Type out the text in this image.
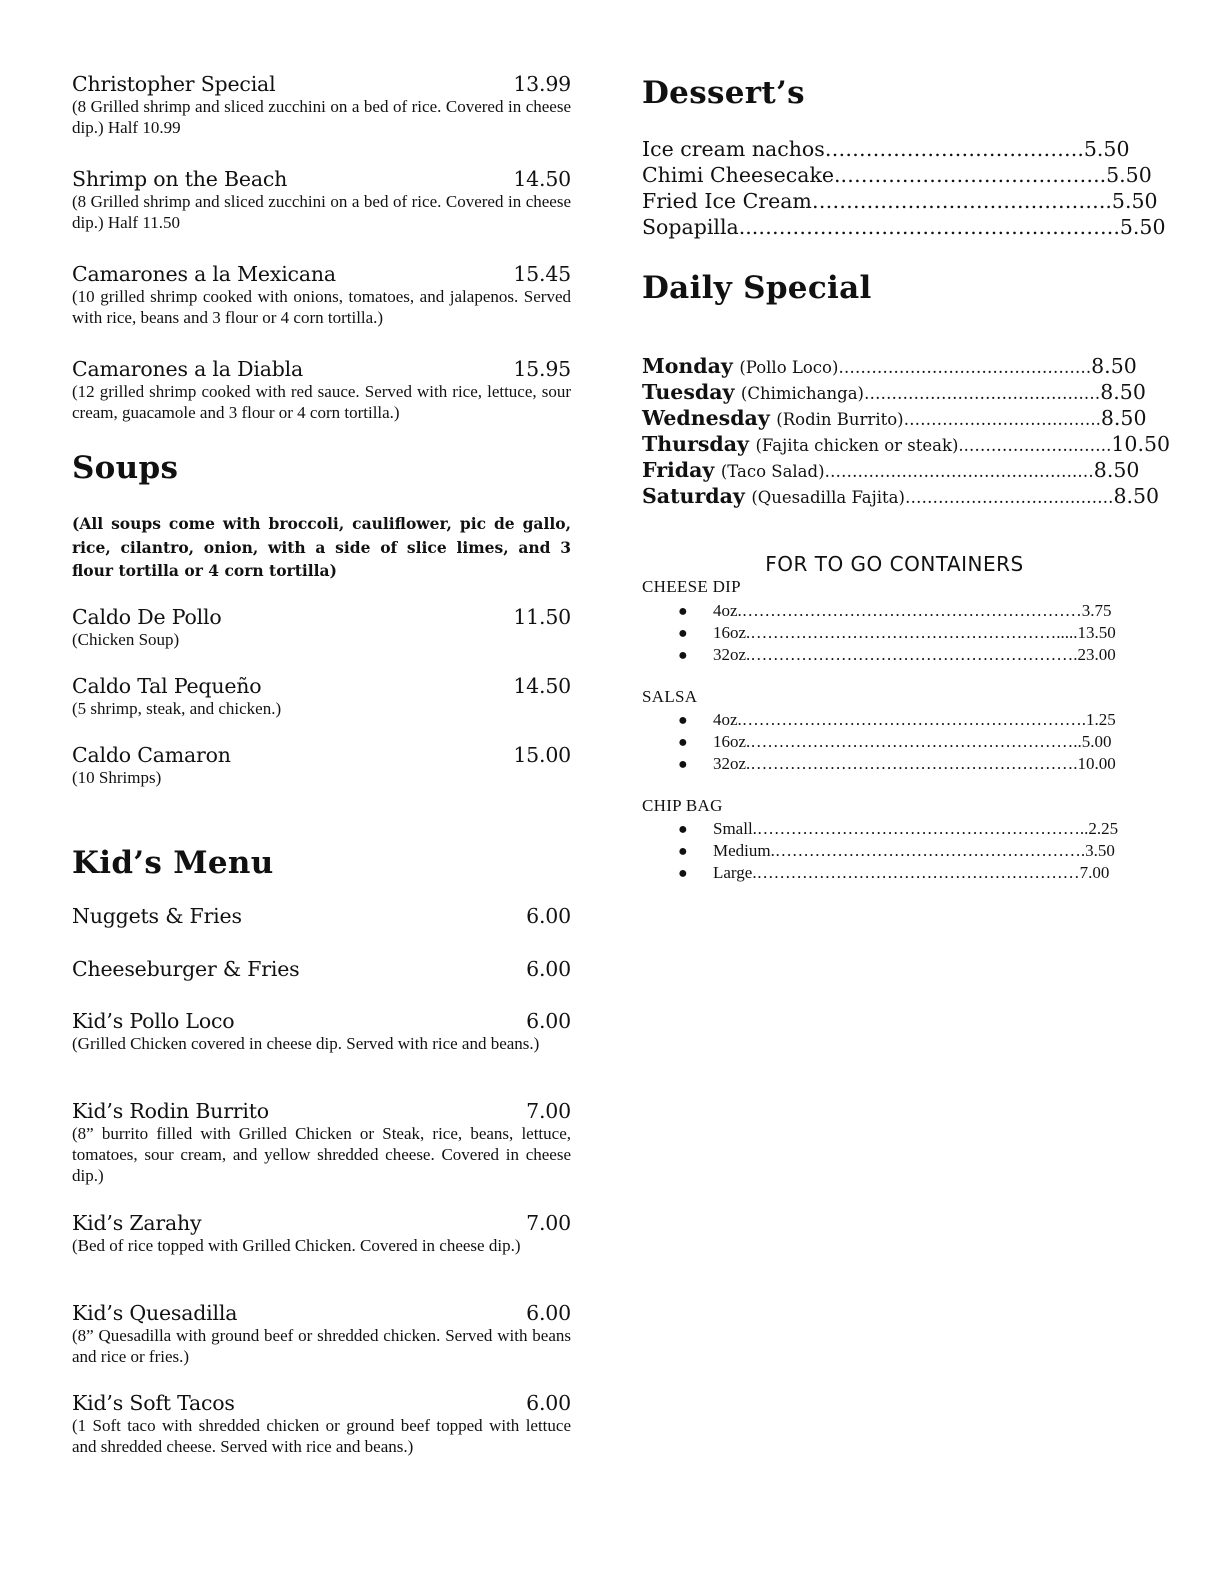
Christopher Special	13.99
(8 Grilled shrimp and sliced zucchini on a bed of rice. Covered in cheese dip.) Half 10.99
Shrimp on the Beach	14.50
(8 Grilled shrimp and sliced zucchini on a bed of rice. Covered in cheese dip.) Half 11.50
Camarones a la Mexicana	15.45
(10 grilled shrimp cooked with onions, tomatoes, and jalapenos. Served with rice, beans and 3 flour or 4 corn tortilla.)
Camarones a la Diabla	15.95
(12 grilled shrimp cooked with red sauce. Served with rice, lettuce, sour cream, guacamole and 3 flour or 4 corn tortilla.)
Soups
(All soups come with broccoli, cauliflower, pic de gallo, rice, cilantro, onion, with a side of slice limes, and 3 flour tortilla or 4 corn tortilla)
Caldo De Pollo	11.50
(Chicken Soup)
Caldo Tal Pequeño	14.50
(5 shrimp, steak, and chicken.)
Caldo Camaron	15.00
(10 Shrimps)
Kid’s Menu
Nuggets & Fries	6.00
Cheeseburger & Fries	6.00
Kid’s Pollo Loco	6.00
(Grilled Chicken covered in cheese dip. Served with rice and beans.)
Kid’s Rodin Burrito	7.00
(8” burrito filled with Grilled Chicken or Steak, rice, beans, lettuce, tomatoes, sour cream, and yellow shredded cheese. Covered in cheese dip.)
Kid’s Zarahy	7.00
(Bed of rice topped with Grilled Chicken. Covered in cheese dip.)
Kid’s Quesadilla	6.00
(8” Quesadilla with ground beef or shredded chicken. Served with beans and rice or fries.)
Kid’s Soft Tacos	6.00
(1 Soft taco with shredded chicken or ground beef topped with lettuce and shredded cheese. Served with rice and beans.)
Dessert’s
Ice cream nachos………………………………..5.50
Chimi Cheesecake..………………………………..5.50
Fried Ice Cream……………………………………..5.50
Sopapilla...……………………………………………..5.50
Daily Special
Monday (Pollo Loco)……………………………………….8.50
Tuesday (Chimichanga)………………………………….…8.50
Wednesday (Rodin Burrito)……………………….……..8.50
Thursday (Fajita chicken or steak)..……………….…….10.50
Friday (Taco Salad)……………………………………….…8.50
Saturday (Quesadilla Fajita)………………………….…….8.50
FOR TO GO CONTAINERS
CHEESE DIP
● 4oz.……………………………………………………3.75
● 16oz.……………………………………………….....13.50
● 32oz.………………………………………………….23.00
SALSA
● 4oz.…………………………………………………….1.25
● 16oz.…………………………………………………..5.00
● 32oz.………………………………………………….10.00
CHIP BAG
● Small.…………………………………………………..2.25
● Medium.……………………………………………….3.50
● Large.…………………………………………………7.00
